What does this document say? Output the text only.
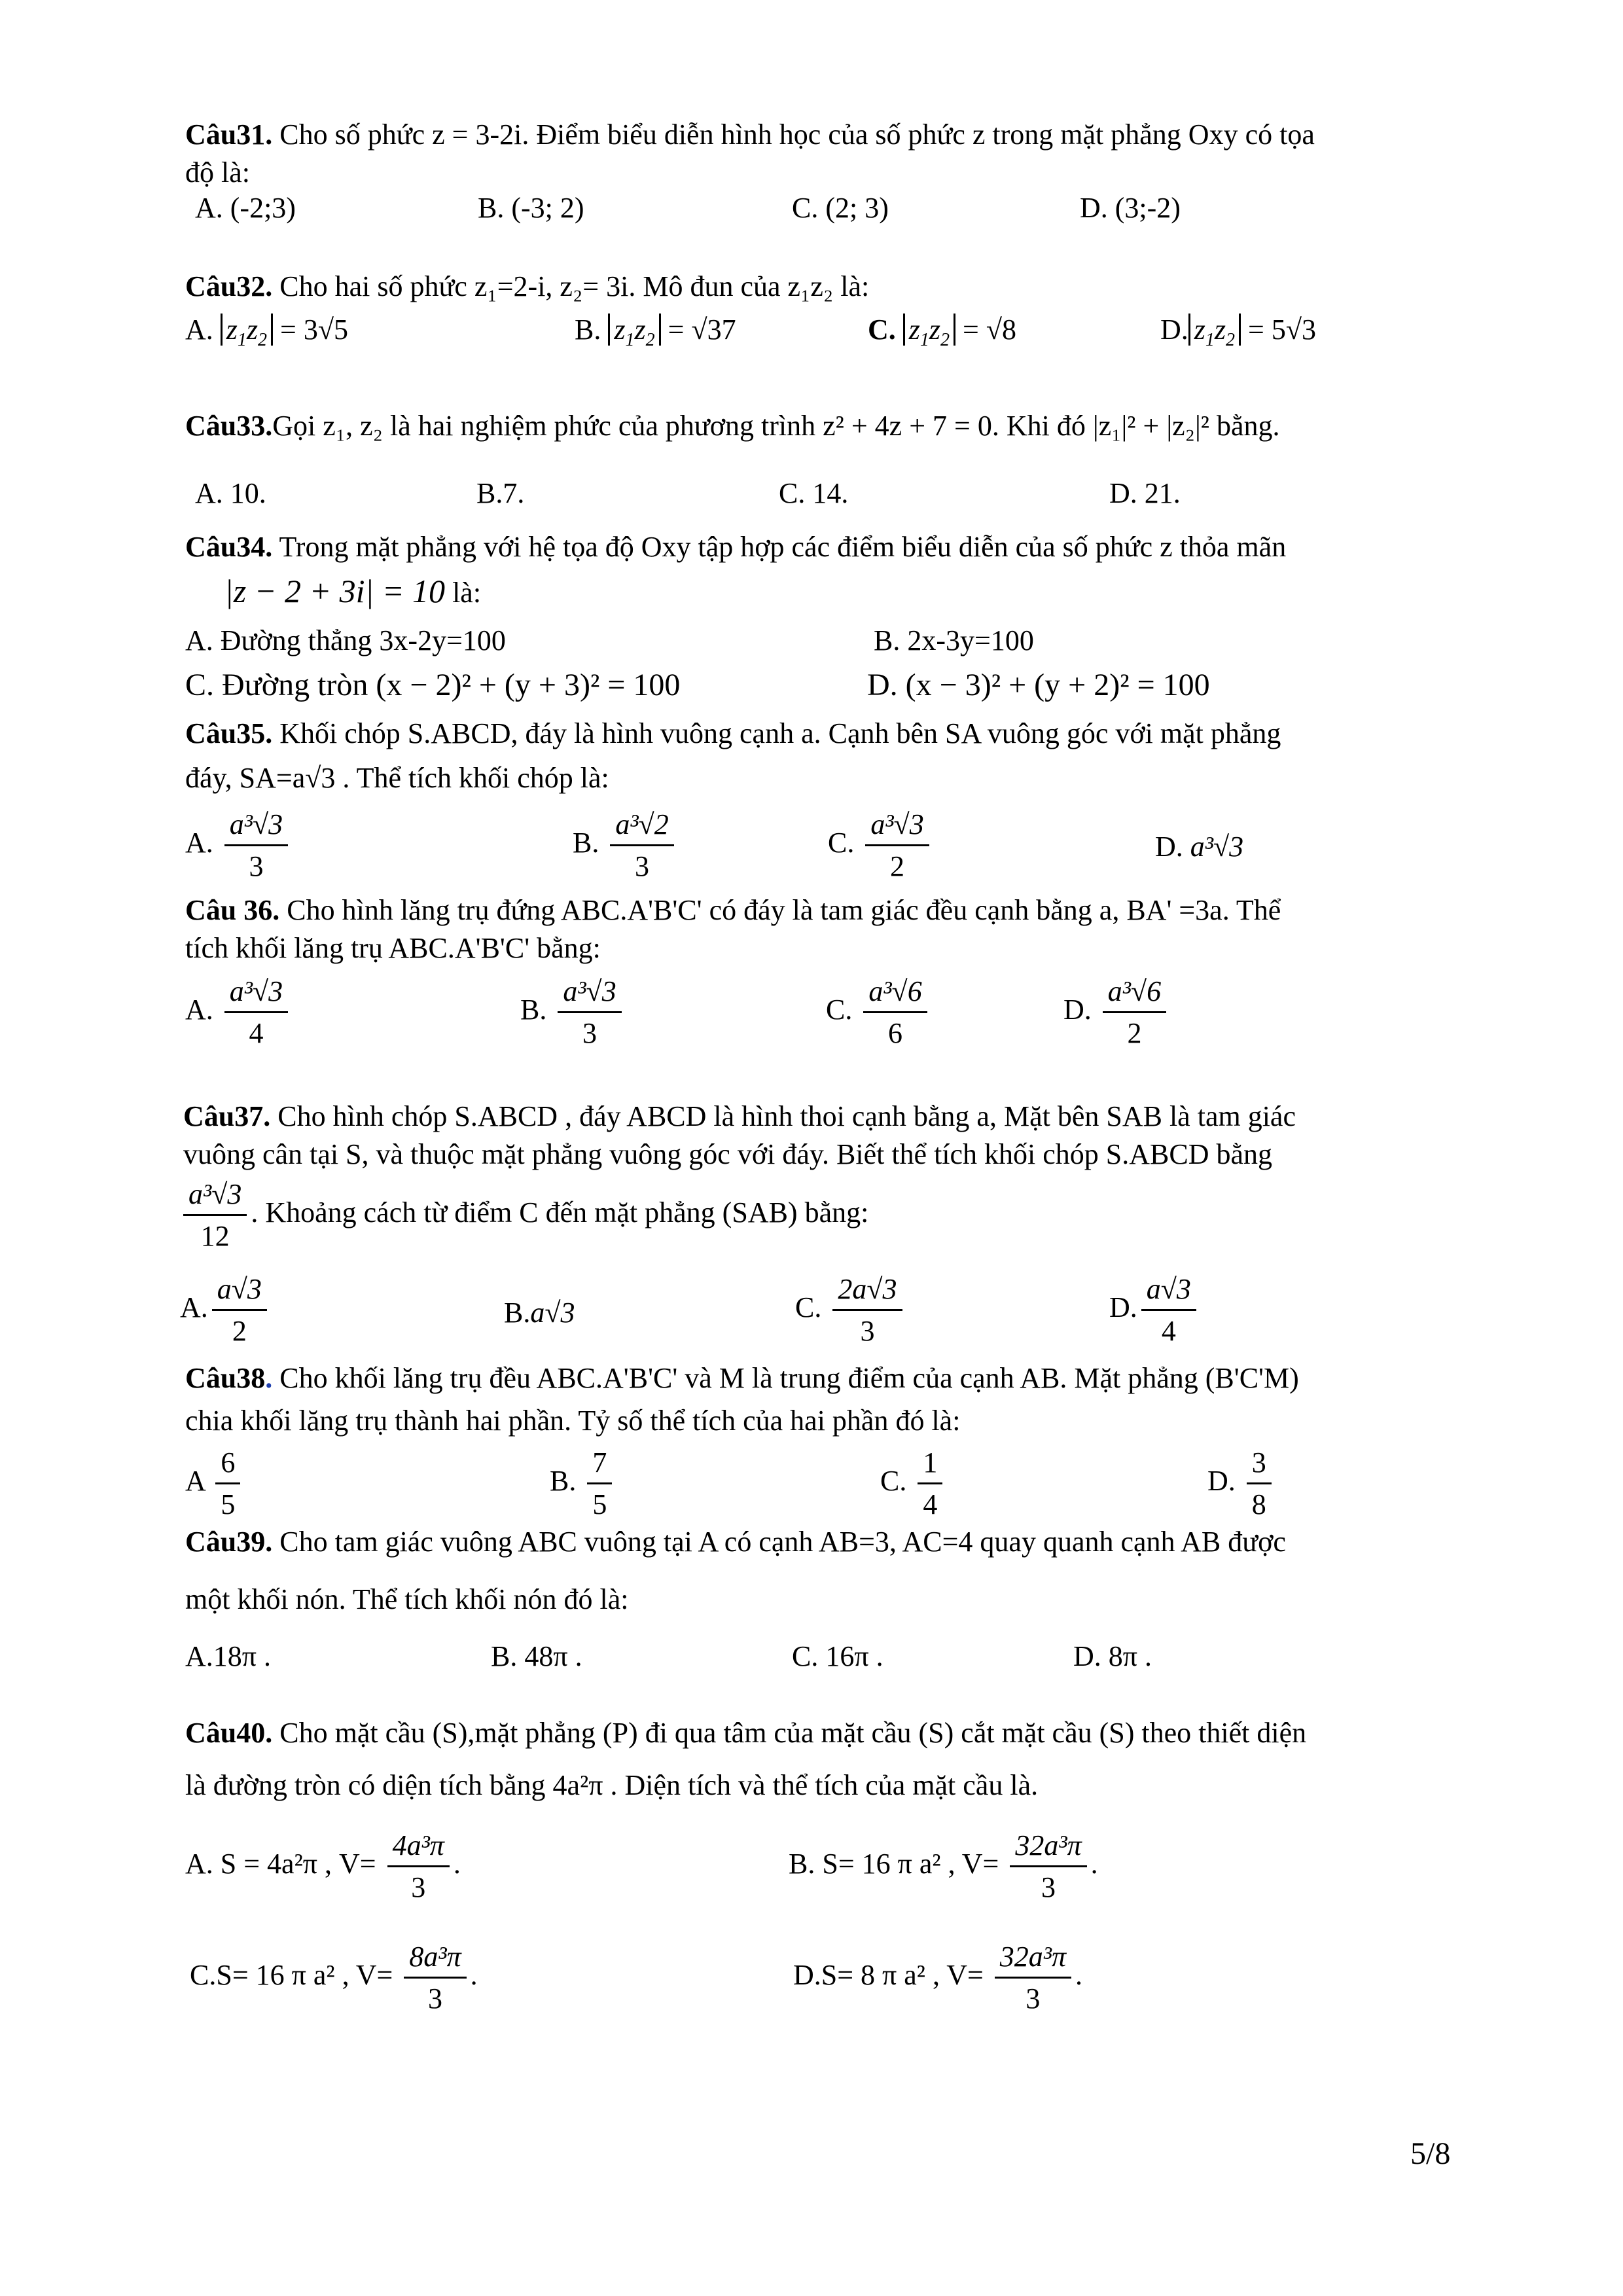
Câu31. Cho số phức z = 3-2i. Điểm biểu diễn hình học của số phức z trong mặt phẳng Oxy có tọa
độ là:
A. (-2;3)	B. (-3; 2)	C. (2; 3)	D. (3;-2)
Câu32. Cho hai số phức z₁=2-i, z₂= 3i. Mô đun của z₁z₂ là:
A. $z_1z_2 = 3√5$	B. $z_1z_2 = √37$	C. $z_1z_2 = √8$	D. $z_1z_2 = 5√3$
Câu33.Gọi z₁, z₂ là hai nghiệm phức của phương trình z² + 4z + 7 = 0. Khi đó |z₁|² + |z₂|² bằng.
A. 10.	B.7.	C. 14.	D. 21.
Câu34. Trong mặt phẳng với hệ tọa độ Oxy tập hợp các điểm biểu diễn của số phức z thỏa mãn
|z − 2 + 3i| = 10 là:
A. Đường thẳng 3x-2y=100	B. 2x-3y=100
C. Đường tròn (x − 2)² + (y + 3)² = 100	D. (x − 3)² + (y + 2)² = 100
Câu35. Khối chóp S.ABCD, đáy là hình vuông cạnh a. Cạnh bên SA vuông góc với mặt phẳng
đáy, SA=a√3 . Thể tích khối chóp là:
A. $\frac{\text{a³√3}}{3}$	B. $\frac{\text{a³√2}}{3}$	C. $\frac{\text{a³√3}}{2}$	D. a³√3
Câu 36. Cho hình lăng trụ đứng ABC.A'B'C' có đáy là tam giác đều cạnh bằng a, BA' =3a. Thể
tích khối lăng trụ ABC.A'B'C' bằng:
A. $\frac{\text{a³√3}}{4}$	B. $\frac{\text{a³√3}}{3}$	C. $\frac{\text{a³√6}}{6}$	D. $\frac{\text{a³√6}}{2}$
Câu37. Cho hình chóp S.ABCD , đáy ABCD là hình thoi cạnh bằng a, Mặt bên SAB là tam giác
vuông cân tại S, và thuộc mặt phẳng vuông góc với đáy. Biết thể tích khối chóp S.ABCD bằng
$\frac{\text{a³√3}}{12}$ . Khoảng cách từ điểm C đến mặt phẳng (SAB) bằng:
A. $\frac{a√3}{2}$	B.a√3	C. $\frac{2a√3}{3}$	D. $\frac{a√3}{4}$
Câu38. Cho khối lăng trụ đều ABC.A'B'C' và M là trung điểm của cạnh AB. Mặt phẳng (B'C'M)
chia khối lăng trụ thành hai phần. Tỷ số thể tích của hai phần đó là:
A $\frac{6}{5}$	B. $\frac{7}{5}$	C. $\frac{1}{4}$	D. $\frac{3}{8}$
Câu39. Cho tam giác vuông ABC vuông tại A có cạnh AB=3, AC=4 quay quanh cạnh AB được
một khối nón. Thể tích khối nón đó là:
A.18π .	B. 48π .	C. 16π .	D. 8π .
Câu40. Cho mặt cầu (S),mặt phẳng (P) đi qua tâm của mặt cầu (S) cắt mặt cầu (S) theo thiết diện
là đường tròn có diện tích bằng 4a²π . Diện tích và thể tích của mặt cầu là.
A. S = 4a²π , $V= \frac{\text{4a³π}}{3}$ .	B. S= 16 π a² , $V= \frac{\text{32a³π}}{3}$ .
C.S= 16 π a² , $V= \frac{\text{8a³π}}{3}$ .	D.S= 8 π a² , $V= \frac{\text{32a³π}}{3}$ .
5/8
